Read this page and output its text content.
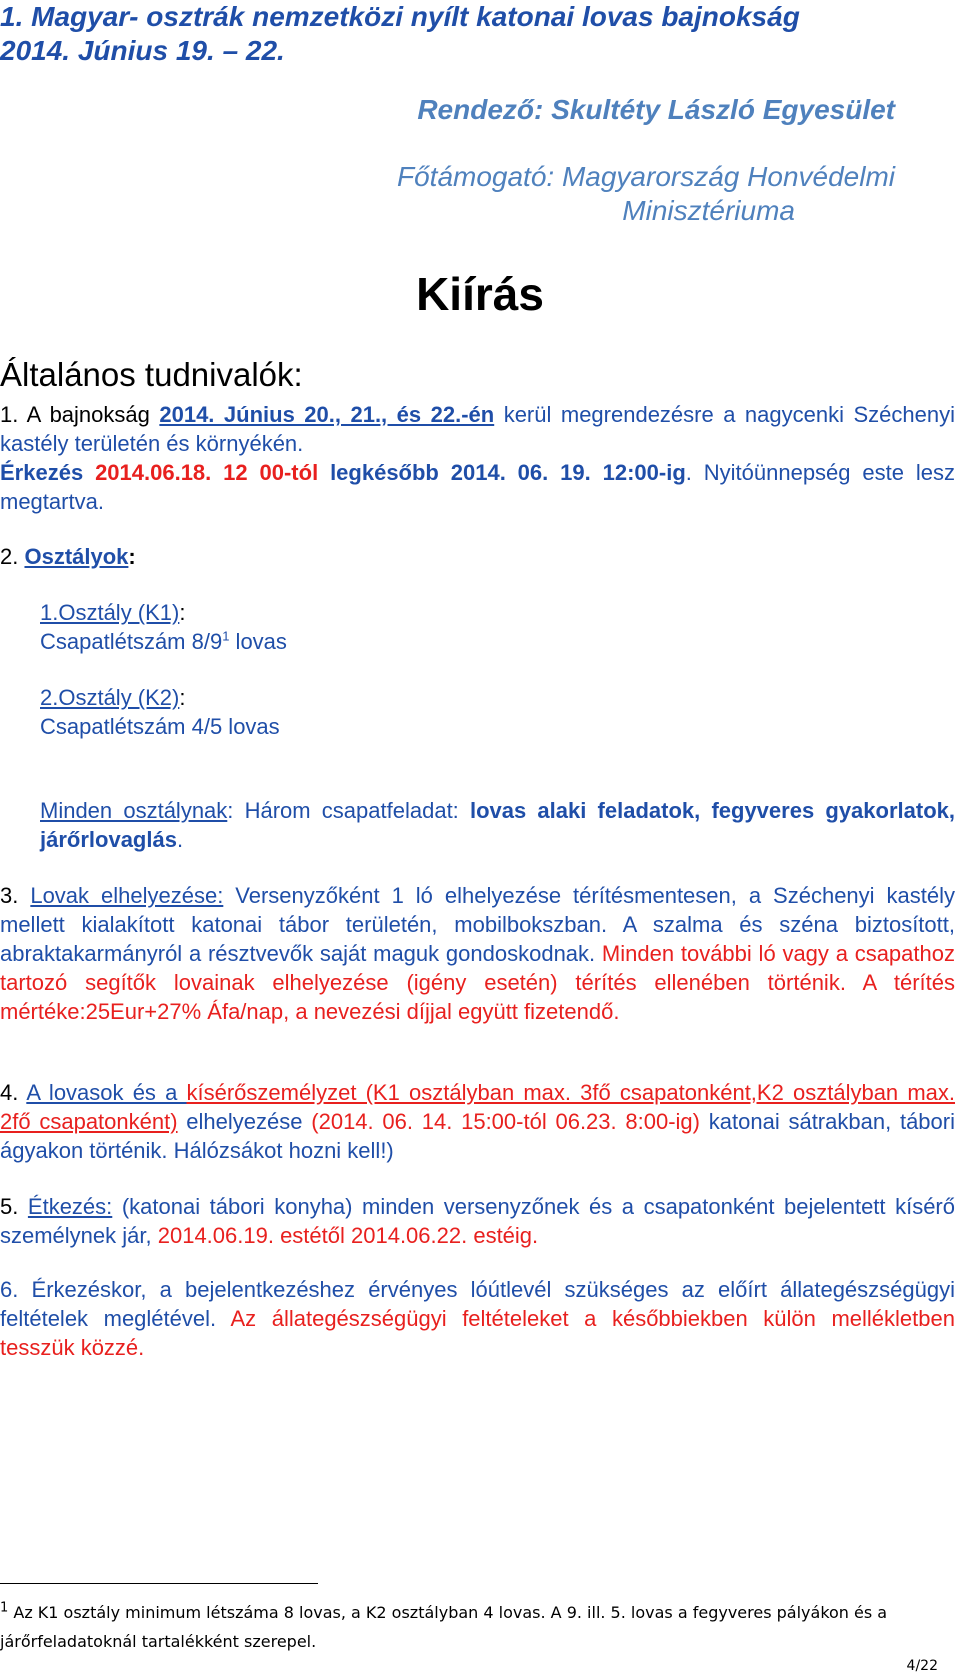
1. Magyar- osztrák nemzetközi nyílt katonai lovas bajnokság
2014. Június 19. – 22.
Rendező: Skultéty László Egyesület
Főtámogató: Magyarország Honvédelmi
Minisztériuma
Kiírás
Általános tudnivalók:
1. A bajnokság 2014. Június 20., 21., és 22.-én kerül megrendezésre a nagycenki Széchenyi kastély területén és környékén.
Érkezés 2014.06.18. 12 00-tól legkésőbb 2014. 06. 19. 12:00-ig. Nyitóünnepség este lesz megtartva.
2. Osztályok:
1.Osztály (K1):
Csapatlétszám $8/9^1$ lovas
2.Osztály (K2):
Csapatlétszám 4/5 lovas
Minden osztálynak: Három csapatfeladat: lovas alaki feladatok, fegyveres gyakorlatok, járőrlovaglás.
3. Lovak elhelyezése: Versenyzőként 1 ló elhelyezése térítésmentesen, a Széchenyi kastély mellett kialakított katonai tábor területén, mobilbokszban. A szalma és széna biztosított, abraktakarmányról a résztvevők saját maguk gondoskodnak. Minden további ló vagy a csapathoz tartozó segítők lovainak elhelyezése (igény esetén) térítés ellenében történik. A térítés mértéke:25Eur+27% Áfa/nap, a nevezési díjjal együtt fizetendő.
4. A lovasok és a kísérőszemélyzet (K1 osztályban max. 3fő csapatonként,K2 osztályban max. 2fő csapatonként) elhelyezése (2014. 06. 14. 15:00-tól 06.23. 8:00-ig) katonai sátrakban, tábori ágyakon történik. Hálózsákot hozni kell!)
5. Étkezés: (katonai tábori konyha) minden versenyzőnek és a csapatonként bejelentett kísérő személynek jár, 2014.06.19. estétől 2014.06.22. estéig.
6. Érkezéskor, a bejelentkezéshez érvényes lóútlevél szükséges az előírt állategészségügyi feltételek meglétével. Az állategészségügyi feltételeket a későbbiekben külön mellékletben tesszük közzé.
$^1$ Az K1 osztály minimum létszáma 8 lovas, a K2 osztályban 4 lovas. A 9. ill. 5. lovas a fegyveres pályákon és a járőrfeladatoknál tartalékként szerepel.
4/22
